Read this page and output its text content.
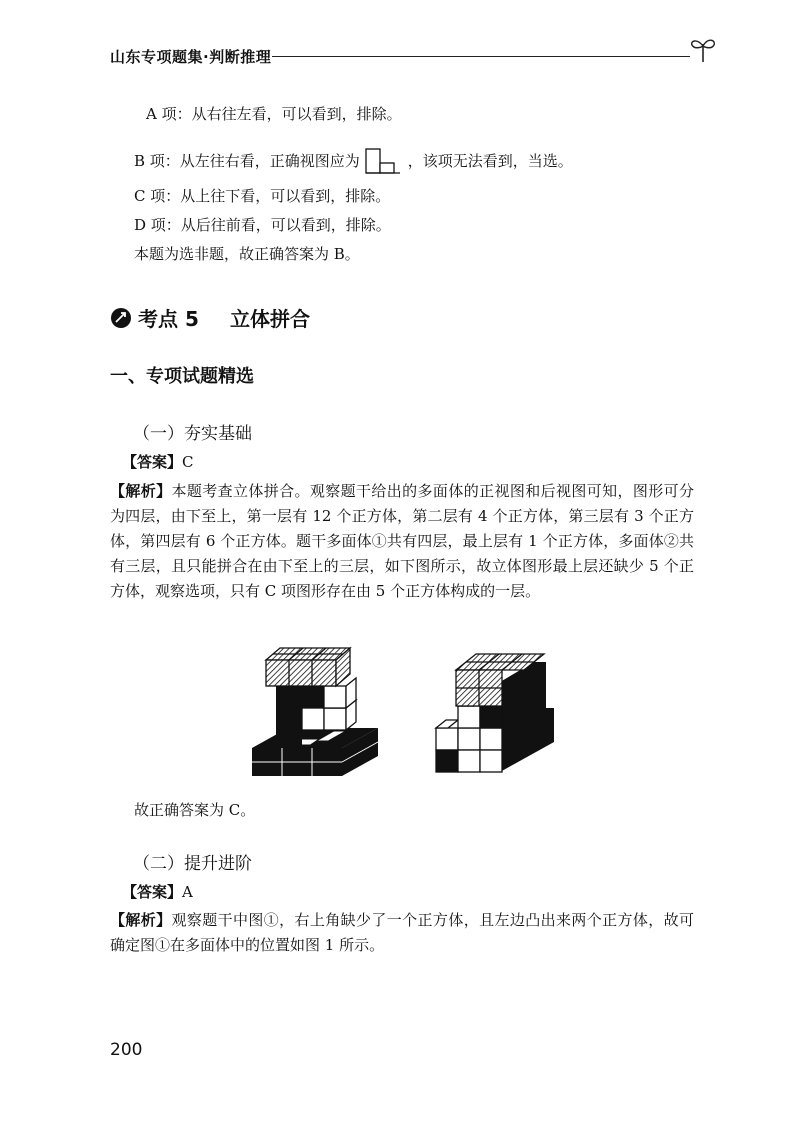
山东专项题集·判断推理
A 项：从右往左看，可以看到，排除。
B 项：从左往右看，正确视图应为	，该项无法看到，当选。
C 项：从上往下看，可以看到，排除。
D 项：从后往前看，可以看到，排除。
本题为选非题，故正确答案为 B。
考点 5 立体拼合
一、专项试题精选
（一）夯实基础
【答案】C
【解析】本题考查立体拼合。观察题干给出的多面体的正视图和后视图可知，图形可分为四层，由下至上，第一层有 12 个正方体，第二层有 4 个正方体，第三层有 3 个正方体，第四层有 6 个正方体。题干多面体①共有四层，最上层有 1 个正方体，多面体②共有三层，且只能拼合在由下至上的三层，如下图所示，故立体图形最上层还缺少 5 个正方体，观察选项，只有 C 项图形存在由 5 个正方体构成的一层。
故正确答案为 C。
（二）提升进阶
【答案】A
【解析】观察题干中图①，右上角缺少了一个正方体，且左边凸出来两个正方体，故可确定图①在多面体中的位置如图 1 所示。
200
